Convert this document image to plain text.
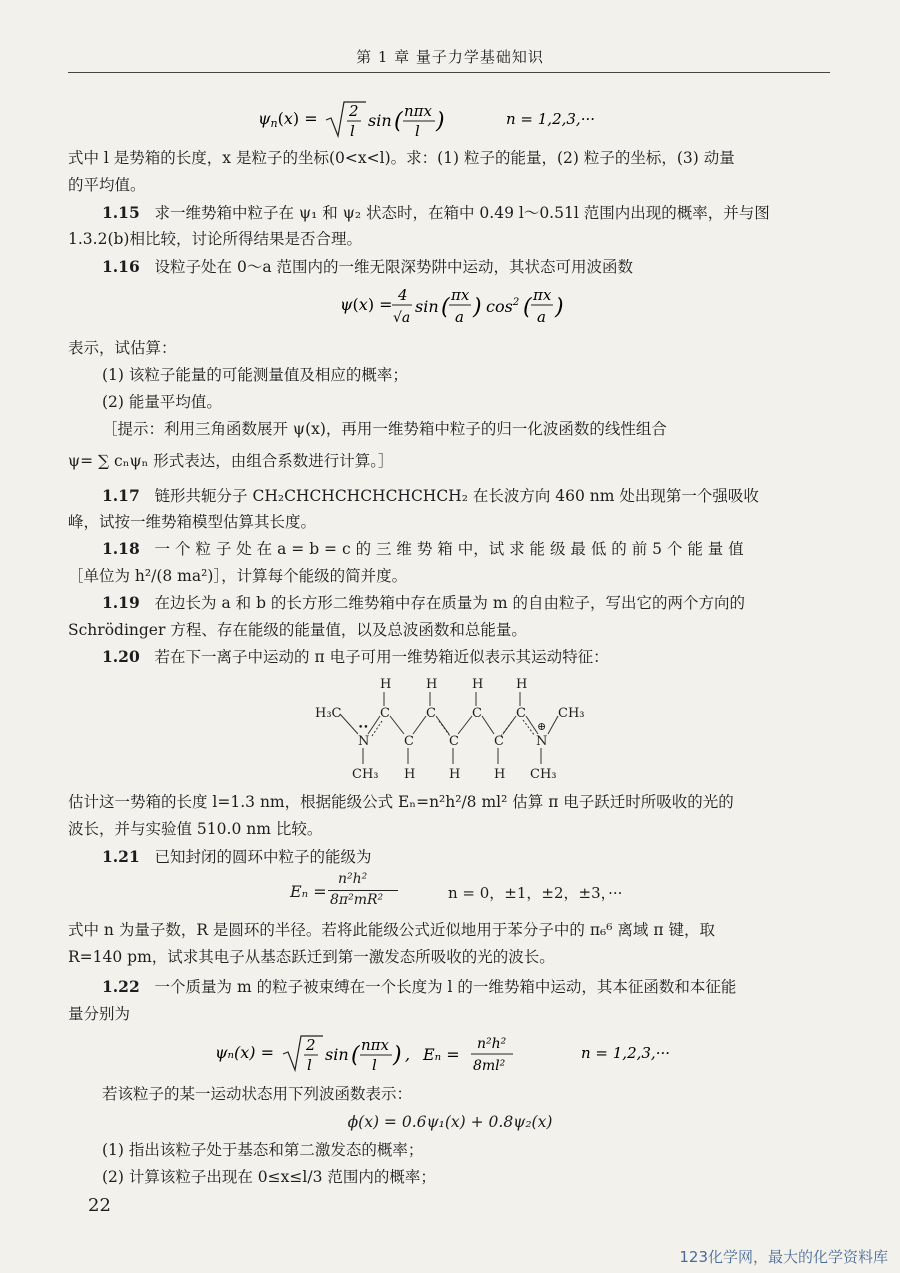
第 1 章 量子力学基础知识
ψn(x) = 2
l
sin ( nπx
l )	n = 1,2,3,···
式中 l 是势箱的长度，x 是粒子的坐标(0<x<l)。求：(1) 粒子的能量，(2) 粒子的坐标，(3) 动量
的平均值。
1.15 求一维势箱中粒子在 ψ₁ 和 ψ₂ 状态时，在箱中 0.49 l～0.51l 范围内出现的概率，并与图
1.3.2(b)相比较，讨论所得结果是否合理。
1.16 设粒子处在 0～a 范围内的一维无限深势阱中运动，其状态可用波函数
ψ(x) = 4
√a
sin ( πx
a ) $\cos^2$ ( πx
a )
表示，试估算：
(1) 该粒子能量的可能测量值及相应的概率；
(2) 能量平均值。
［提示：利用三角函数展开 ψ(x)，再用一维势箱中粒子的归一化波函数的线性组合
ψ= ∑ cₙψₙ 形式表达，由组合系数进行计算。］
1.17 链形共轭分子 CH₂CHCHCHCHCHCHCH₂ 在长波方向 460 nm 处出现第一个强吸收
峰，试按一维势箱模型估算其长度。
1.18 一 个 粒 子 处 在 a = b = c 的 三 维 势 箱 中，试 求 能 级 最 低 的 前 5 个 能 量 值
［单位为 h²/(8 ma²)］，计算每个能级的简并度。
1.19 在边长为 a 和 b 的长方形二维势箱中存在质量为 m 的自由粒子，写出它的两个方向的
Schrödinger 方程、存在能级的能量值，以及总波函数和总能量。
1.20 若在下一离子中运动的 π 电子可用一维势箱近似表示其运动特征：
H₃C
N
••
CH₃
C
H
C
H
C
H
C
H
C
H
C
H
C
H
N
⊕
CH₃
CH₃
估计这一势箱的长度 l=1.3 nm，根据能级公式 Eₙ=n²h²/8 ml² 估算 π 电子跃迁时所吸收的光的
波长，并与实验值 510.0 nm 比较。
1.21 已知封闭的圆环中粒子的能级为
Eₙ =
n²h²
8π²mR²	n = 0，±1，±2，±3，···
式中 n 为量子数，R 是圆环的半径。若将此能级公式近似地用于苯分子中的 π₆⁶ 离域 π 键，取
R=140 pm，试求其电子从基态跃迁到第一激发态所吸收的光的波长。
1.22 一个质量为 m 的粒子被束缚在一个长度为 l 的一维势箱中运动，其本征函数和本征能
量分别为
ψₙ(x) = 2
l
sin ( nπx
l ) , Eₙ =
n²h²
8ml²
n = 1,2,3,···
若该粒子的某一运动状态用下列波函数表示：
ϕ(x) = 0.6ψ₁(x) + 0.8ψ₂(x)
(1) 指出该粒子处于基态和第二激发态的概率；
(2) 计算该粒子出现在 0≤x≤l/3 范围内的概率；
22
123化学网，最大的化学资料库
